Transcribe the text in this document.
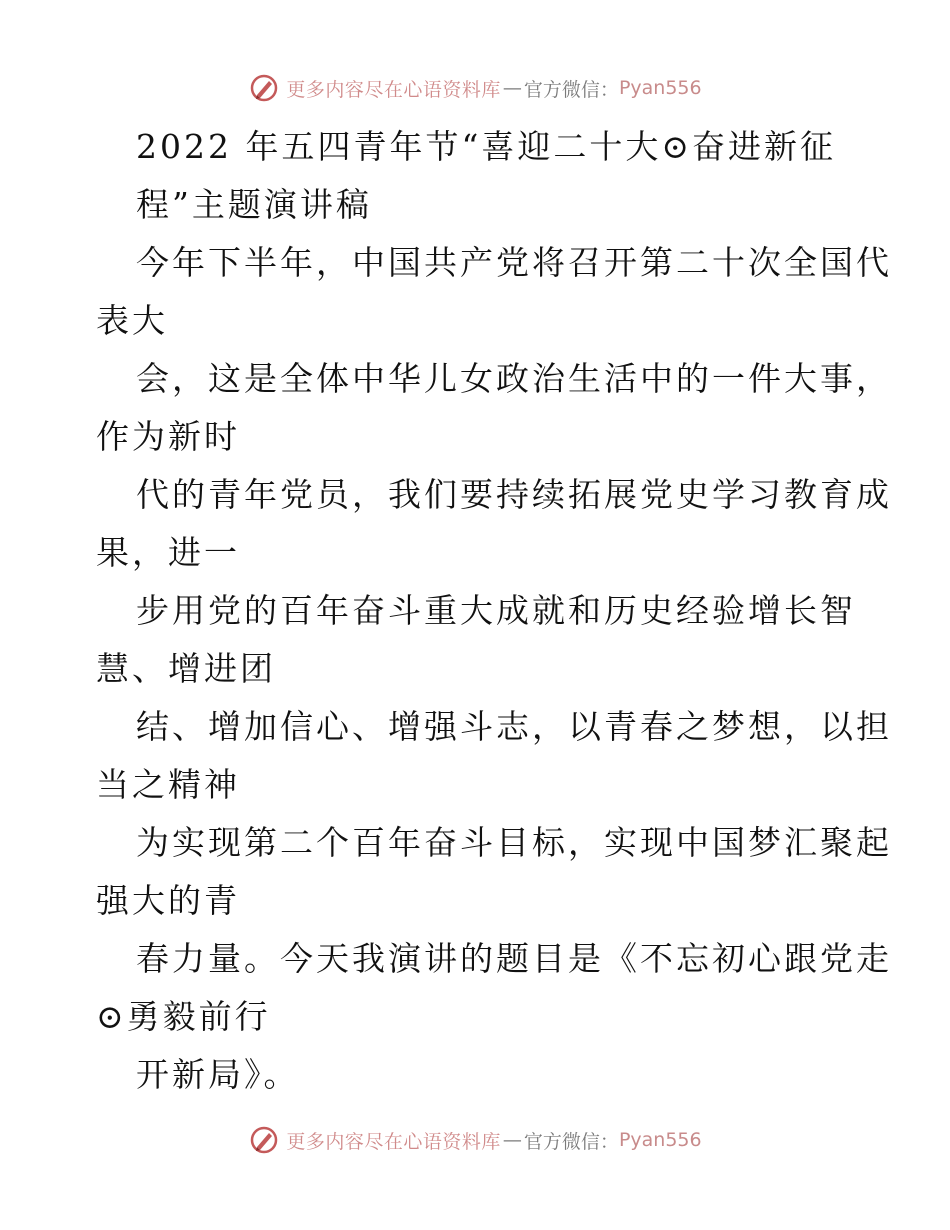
更多内容尽在心语资料库 — 官方微信： Pyan556
2022 年五四青年节“喜迎二十大⊙奋进新征
程”主题演讲稿
今年下半年，中国共产党将召开第二十次全国代
表大
会，这是全体中华儿女政治生活中的一件大事，
作为新时
代的青年党员，我们要持续拓展党史学习教育成
果，进一
步用党的百年奋斗重大成就和历史经验增长智
慧、增进团
结、增加信心、增强斗志，以青春之梦想，以担
当之精神
为实现第二个百年奋斗目标，实现中国梦汇聚起
强大的青
春力量。今天我演讲的题目是《不忘初心跟党走
⊙勇毅前行
开新局》。
更多内容尽在心语资料库 — 官方微信： Pyan556
